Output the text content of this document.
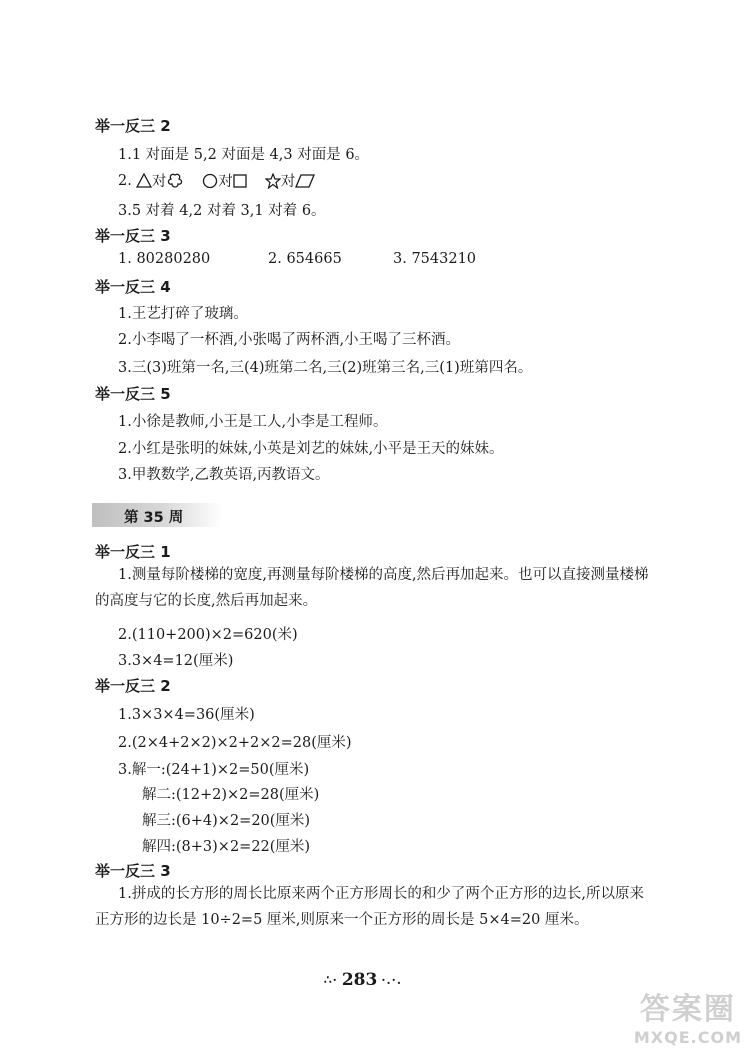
举一反三 2
1.1 对面是 5,2 对面是 4,3 对面是 6。
2. 对	对	对
3.5 对着 4,2 对着 3,1 对着 6。
举一反三 3
1. 80280280	2. 654665	3. 7543210
举一反三 4
1.王艺打碎了玻璃。
2.小李喝了一杯酒,小张喝了两杯酒,小王喝了三杯酒。
3.三(3)班第一名,三(4)班第二名,三(2)班第三名,三(1)班第四名。
举一反三 5
1.小徐是教师,小王是工人,小李是工程师。
2.小红是张明的妹妹,小英是刘艺的妹妹,小平是王天的妹妹。
3.甲教数学,乙教英语,丙教语文。
第 35 周
举一反三 1
1.测量每阶楼梯的宽度,再测量每阶楼梯的高度,然后再加起来。也可以直接测量楼梯的高度与它的长度,然后再加起来。
2.(110+200)×2=620(米)
3.3×4=12(厘米)
举一反三 2
1.3×3×4=36(厘米)
2.(2×4+2×2)×2+2×2=28(厘米)
3.解一:(24+1)×2=50(厘米)
解二:(12+2)×2=28(厘米)
解三:(6+4)×2=20(厘米)
解四:(8+3)×2=22(厘米)
举一反三 3
1.拼成的长方形的周长比原来两个正方形周长的和少了两个正方形的边长,所以原来正方形的边长是 10÷2=5 厘米,则原来一个正方形的周长是 5×4=20 厘米。
∴· 283 ·.·.
答案圈
MXQE.COM
